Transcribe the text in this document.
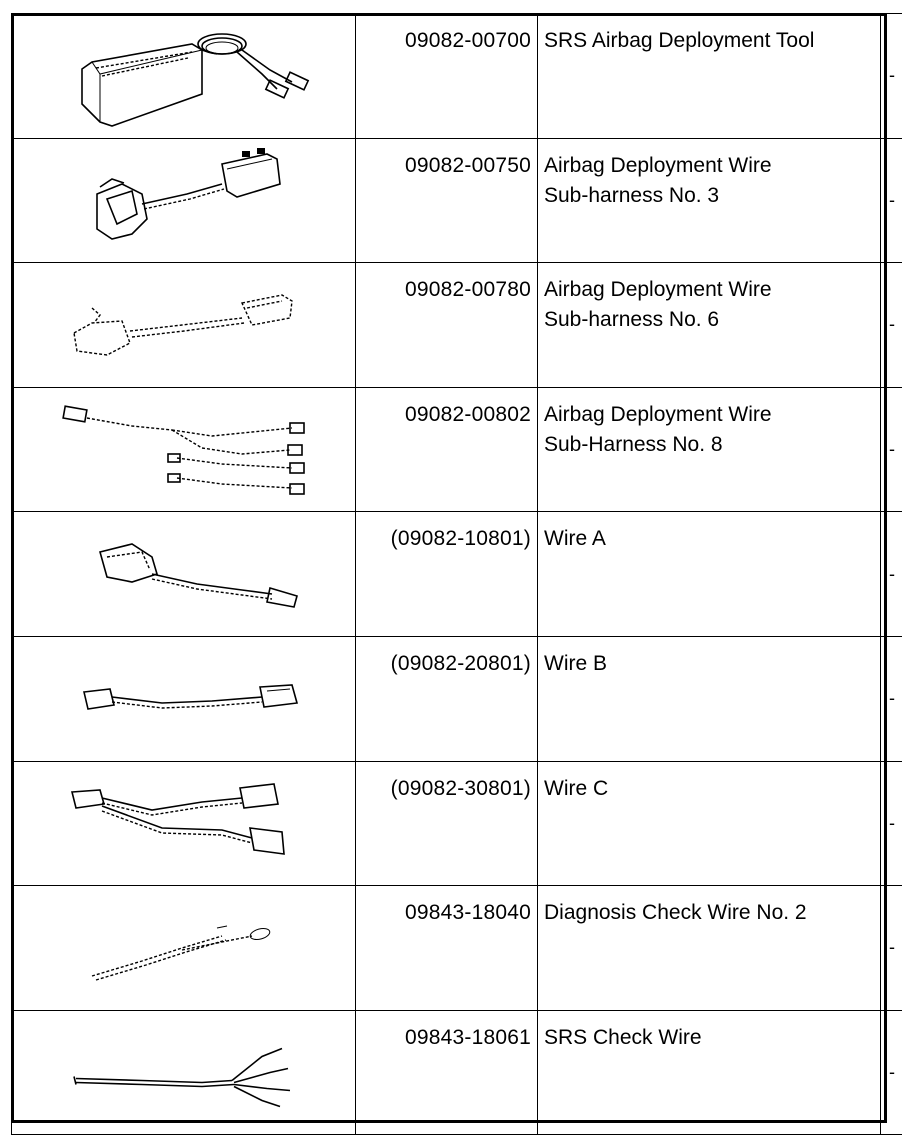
	09082-00700	SRS Airbag Deployment Tool	-

	09082-00750	Airbag Deployment Wire
Sub-harness No. 3	-

	09082-00780	Airbag Deployment Wire
Sub-harness No. 6	-

	09082-00802	Airbag Deployment Wire
Sub-Harness No. 8	-

	(09082-10801)	Wire A	-

	(09082-20801)	Wire B	-

	(09082-30801)	Wire C	-

	09843-18040	Diagnosis Check Wire No. 2	-

	09843-18061	SRS Check Wire	-
